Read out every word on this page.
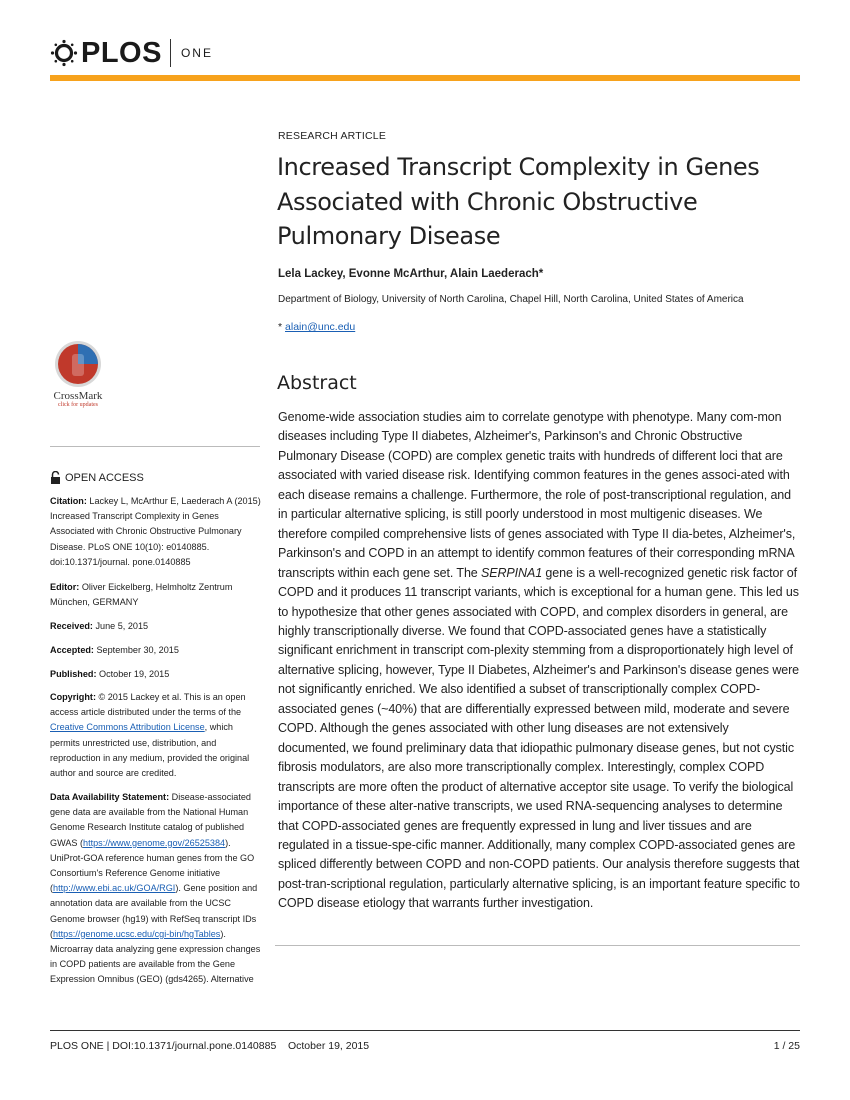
PLOS ONE
CrossMark
click for updates
OPEN ACCESS
Citation: Lackey L, McArthur E, Laederach A (2015) Increased Transcript Complexity in Genes Associated with Chronic Obstructive Pulmonary Disease. PLoS ONE 10(10): e0140885. doi:10.1371/journal. pone.0140885
Editor: Oliver Eickelberg, Helmholtz Zentrum München, GERMANY
Received: June 5, 2015
Accepted: September 30, 2015
Published: October 19, 2015
Copyright: © 2015 Lackey et al. This is an open access article distributed under the terms of the Creative Commons Attribution License, which permits unrestricted use, distribution, and reproduction in any medium, provided the original author and source are credited.
Data Availability Statement: Disease-associated gene data are available from the National Human Genome Research Institute catalog of published GWAS (https://www.genome.gov/26525384). UniProt-GOA reference human genes from the GO Consortium's Reference Genome initiative (http://www.ebi.ac.uk/GOA/RGI). Gene position and annotation data are available from the UCSC Genome browser (hg19) with RefSeq transcript IDs (https://genome.ucsc.edu/cgi-bin/hgTables). Microarray data analyzing gene expression changes in COPD patients are available from the Gene Expression Omnibus (GEO) (gds4265). Alternative
RESEARCH ARTICLE
Increased Transcript Complexity in Genes Associated with Chronic Obstructive Pulmonary Disease
Lela Lackey, Evonne McArthur, Alain Laederach*
Department of Biology, University of North Carolina, Chapel Hill, North Carolina, United States of America
* alain@unc.edu
Abstract

Genome-wide association studies aim to correlate genotype with phenotype. Many com-mon diseases including Type II diabetes, Alzheimer's, Parkinson's and Chronic Obstructive Pulmonary Disease (COPD) are complex genetic traits with hundreds of different loci that are associated with varied disease risk. Identifying common features in the genes associ-ated with each disease remains a challenge. Furthermore, the role of post-transcriptional regulation, and in particular alternative splicing, is still poorly understood in most multigenic diseases. We therefore compiled comprehensive lists of genes associated with Type II dia-betes, Alzheimer's, Parkinson's and COPD in an attempt to identify common features of their corresponding mRNA transcripts within each gene set. The SERPINA1 gene is a well-recognized genetic risk factor of COPD and it produces 11 transcript variants, which is exceptional for a human gene. This led us to hypothesize that other genes associated with COPD, and complex disorders in general, are highly transcriptionally diverse. We found that COPD-associated genes have a statistically significant enrichment in transcript com-plexity stemming from a disproportionately high level of alternative splicing, however, Type II Diabetes, Alzheimer's and Parkinson's disease genes were not significantly enriched. We also identified a subset of transcriptionally complex COPD-associated genes (~40%) that are differentially expressed between mild, moderate and severe COPD. Although the genes associated with other lung diseases are not extensively documented, we found preliminary data that idiopathic pulmonary disease genes, but not cystic fibrosis modulators, are also more transcriptionally complex. Interestingly, complex COPD transcripts are more often the product of alternative acceptor site usage. To verify the biological importance of these alter-native transcripts, we used RNA-sequencing analyses to determine that COPD-associated genes are frequently expressed in lung and liver tissues and are regulated in a tissue-spe-cific manner. Additionally, many complex COPD-associated genes are spliced differently between COPD and non-COPD patients. Our analysis therefore suggests that post-tran-scriptional regulation, particularly alternative splicing, is an important feature specific to COPD disease etiology that warrants further investigation.

PLOS ONE | DOI:10.1371/journal.pone.0140885    October 19, 2015	1 / 25
